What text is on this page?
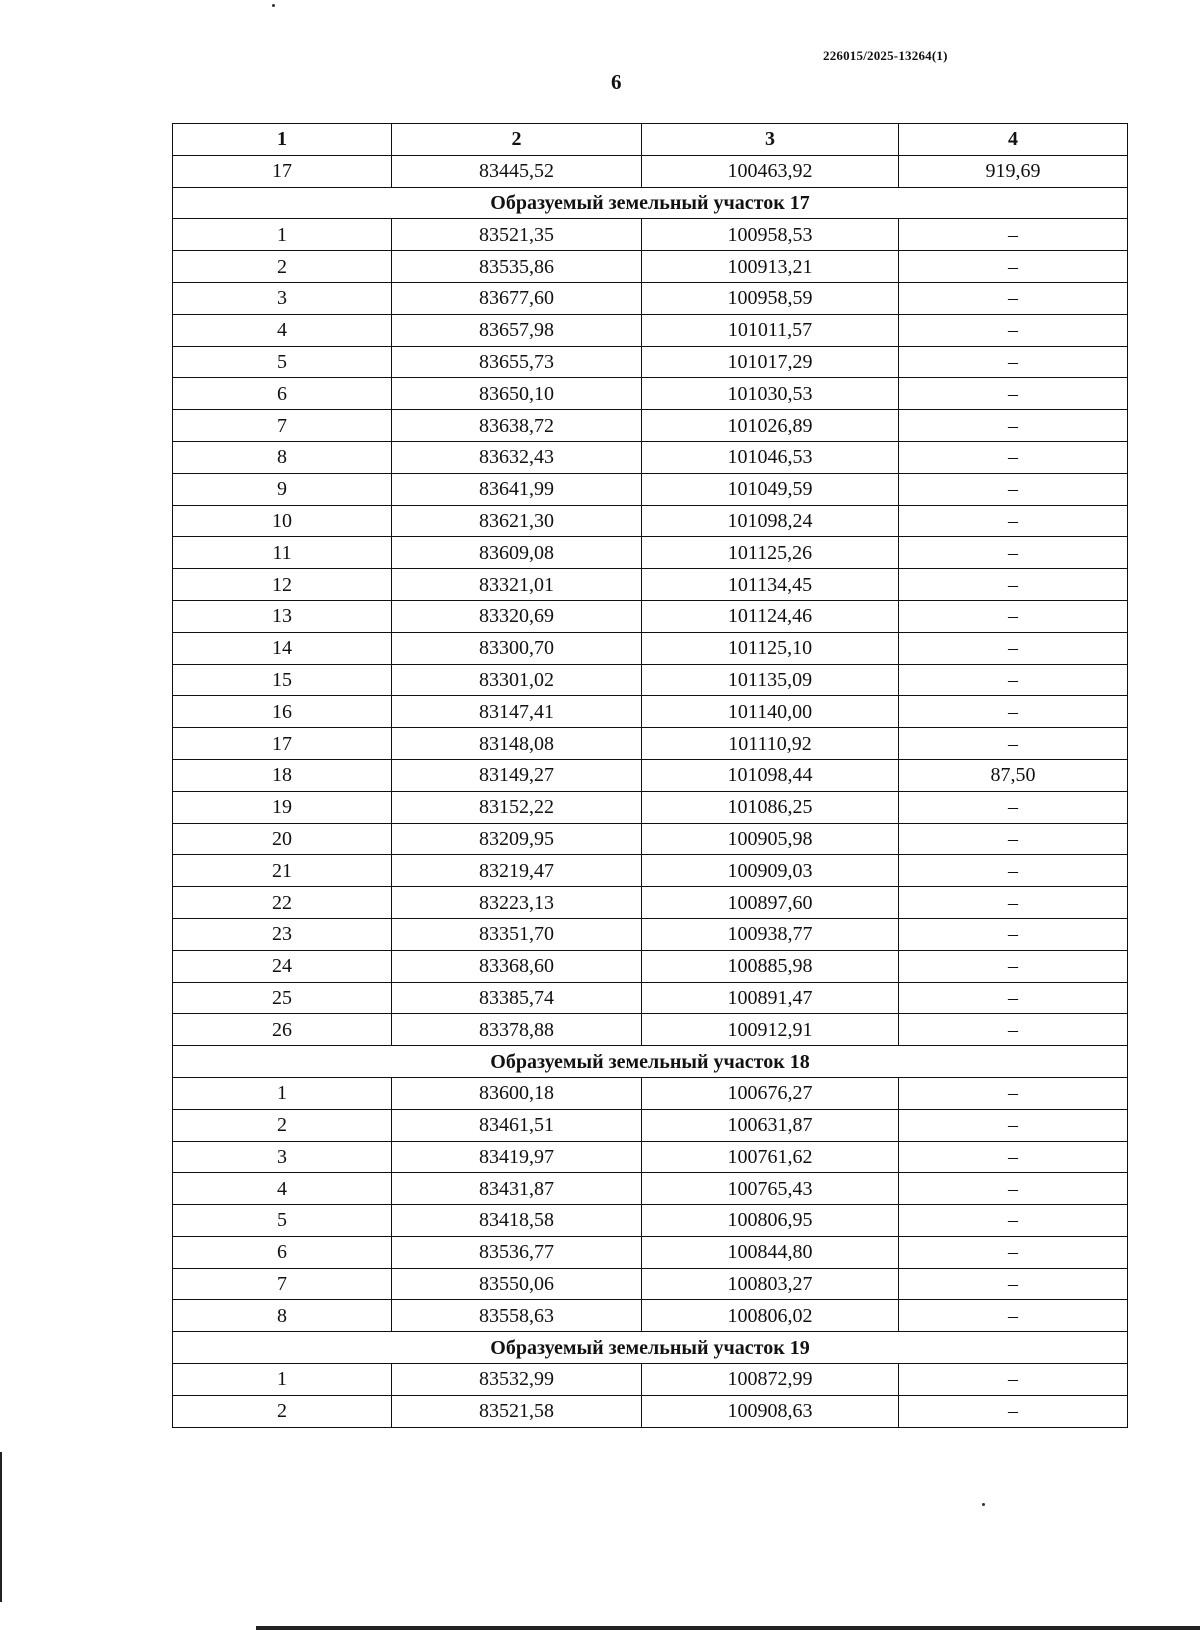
226015/2025-13264(1)
6
1	2	3	4
17	83445,52	100463,92	919,69
Образуемый земельный участок 17			
1	83521,35	100958,53	–
2	83535,86	100913,21	–
3	83677,60	100958,59	–
4	83657,98	101011,57	–
5	83655,73	101017,29	–
6	83650,10	101030,53	–
7	83638,72	101026,89	–
8	83632,43	101046,53	–
9	83641,99	101049,59	–
10	83621,30	101098,24	–
11	83609,08	101125,26	–
12	83321,01	101134,45	–
13	83320,69	101124,46	–
14	83300,70	101125,10	–
15	83301,02	101135,09	–
16	83147,41	101140,00	–
17	83148,08	101110,92	–
18	83149,27	101098,44	87,50
19	83152,22	101086,25	–
20	83209,95	100905,98	–
21	83219,47	100909,03	–
22	83223,13	100897,60	–
23	83351,70	100938,77	–
24	83368,60	100885,98	–
25	83385,74	100891,47	–
26	83378,88	100912,91	–
Образуемый земельный участок 18			
1	83600,18	100676,27	–
2	83461,51	100631,87	–
3	83419,97	100761,62	–
4	83431,87	100765,43	–
5	83418,58	100806,95	–
6	83536,77	100844,80	–
7	83550,06	100803,27	–
8	83558,63	100806,02	–
Образуемый земельный участок 19			
1	83532,99	100872,99	–
2	83521,58	100908,63	–
